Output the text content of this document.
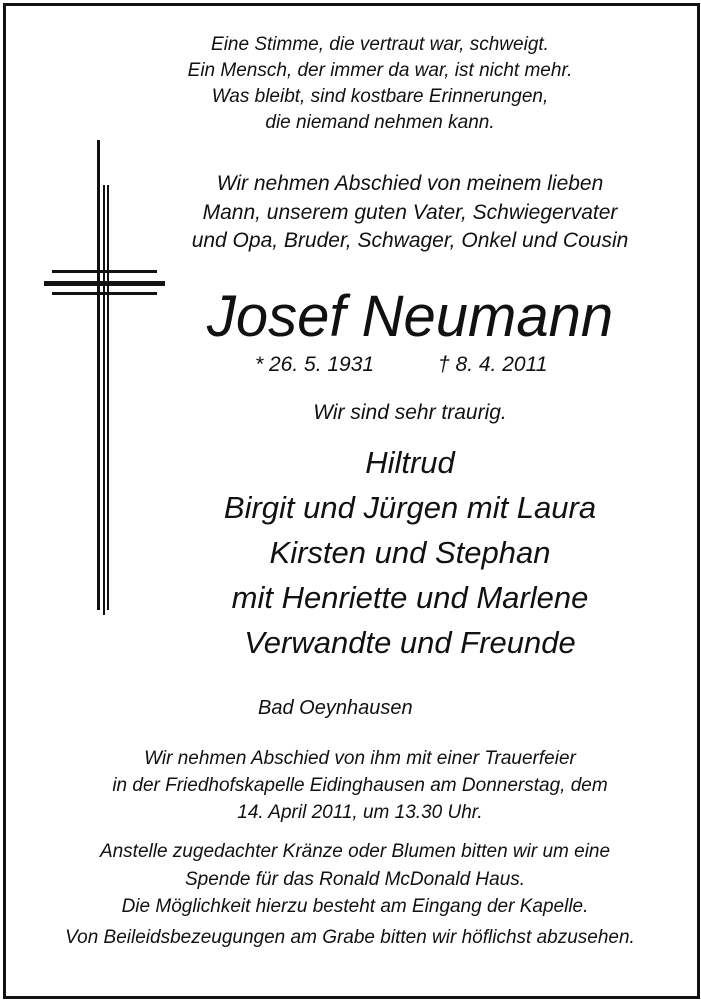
Eine Stimme, die vertraut war, schweigt.
Ein Mensch, der immer da war, ist nicht mehr.
Was bleibt, sind kostbare Erinnerungen,
die niemand nehmen kann.
Wir nehmen Abschied von meinem lieben
Mann, unserem guten Vater, Schwiegervater
und Opa, Bruder, Schwager, Onkel und Cousin
Josef Neumann
* 26. 5. 1931	† 8. 4. 2011
Wir sind sehr traurig.
Hiltrud
Birgit und Jürgen mit Laura
Kirsten und Stephan
mit Henriette und Marlene
Verwandte und Freunde
Bad Oeynhausen
Wir nehmen Abschied von ihm mit einer Trauerfeier
in der Friedhofskapelle Eidinghausen am Donnerstag, dem
14. April 2011, um 13.30 Uhr.
Anstelle zugedachter Kränze oder Blumen bitten wir um eine
Spende für das Ronald McDonald Haus.
Die Möglichkeit hierzu besteht am Eingang der Kapelle.
Von Beileidsbezeugungen am Grabe bitten wir höflichst abzusehen.
